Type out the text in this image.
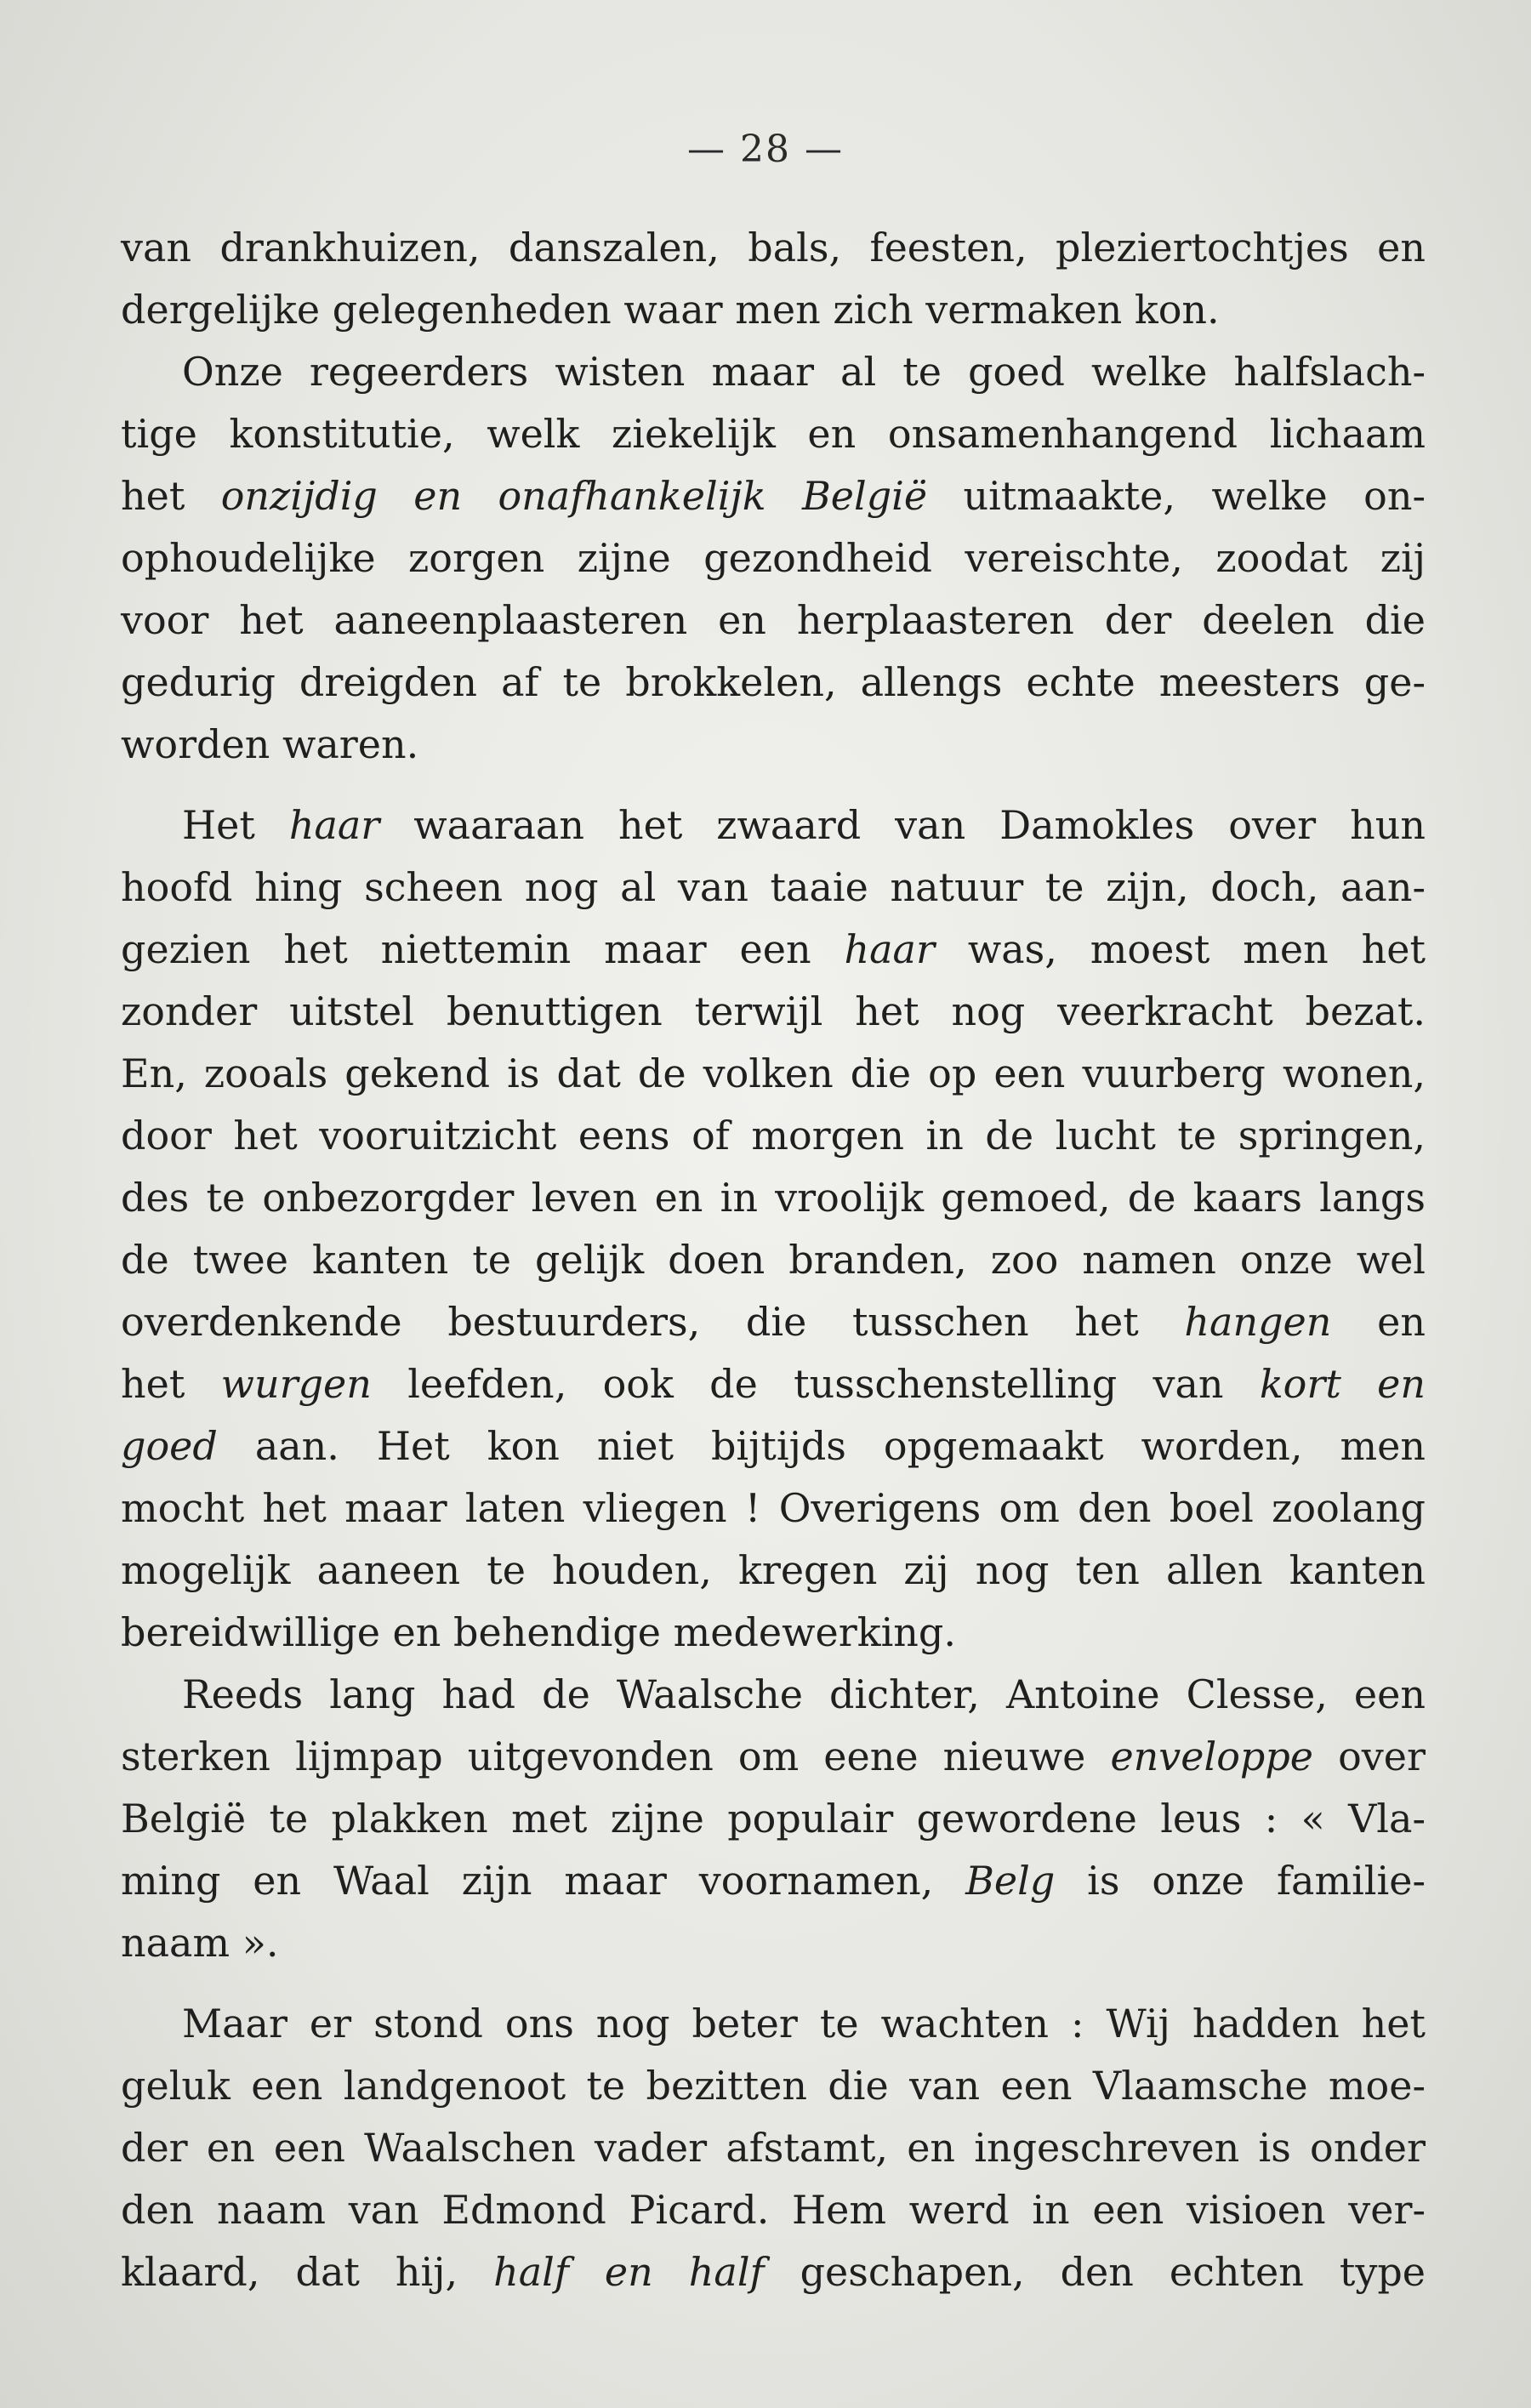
— 28 —
van drankhuizen, danszalen, bals, feesten, pleziertochtjes en
dergelijke gelegenheden waar men zich vermaken kon.
Onze regeerders wisten maar al te goed welke halfslach-
tige konstitutie, welk ziekelijk en onsamenhangend lichaam
het onzijdig en onafhankelijk België uitmaakte, welke on-
ophoudelijke zorgen zijne gezondheid vereischte, zoodat zij
voor het aaneenplaasteren en herplaasteren der deelen die
gedurig dreigden af te brokkelen, allengs echte meesters ge-
worden waren.
Het haar waaraan het zwaard van Damokles over hun
hoofd hing scheen nog al van taaie natuur te zijn, doch, aan-
gezien het niettemin maar een haar was, moest men het
zonder uitstel benuttigen terwijl het nog veerkracht bezat.
En, zooals gekend is dat de volken die op een vuurberg wonen,
door het vooruitzicht eens of morgen in de lucht te springen,
des te onbezorgder leven en in vroolijk gemoed, de kaars langs
de twee kanten te gelijk doen branden, zoo namen onze wel
overdenkende bestuurders, die tusschen het hangen en
het wurgen leefden, ook de tusschenstelling van kort en
goed aan. Het kon niet bijtijds opgemaakt worden, men
mocht het maar laten vliegen ! Overigens om den boel zoolang
mogelijk aaneen te houden, kregen zij nog ten allen kanten
bereidwillige en behendige medewerking.
Reeds lang had de Waalsche dichter, Antoine Clesse, een
sterken lijmpap uitgevonden om eene nieuwe enveloppe over
België te plakken met zijne populair gewordene leus : « Vla-
ming en Waal zijn maar voornamen, Belg is onze familie-
naam ».
Maar er stond ons nog beter te wachten : Wij hadden het
geluk een landgenoot te bezitten die van een Vlaamsche moe-
der en een Waalschen vader afstamt, en ingeschreven is onder
den naam van Edmond Picard. Hem werd in een visioen ver-
klaard, dat hij, half en half geschapen, den echten type
